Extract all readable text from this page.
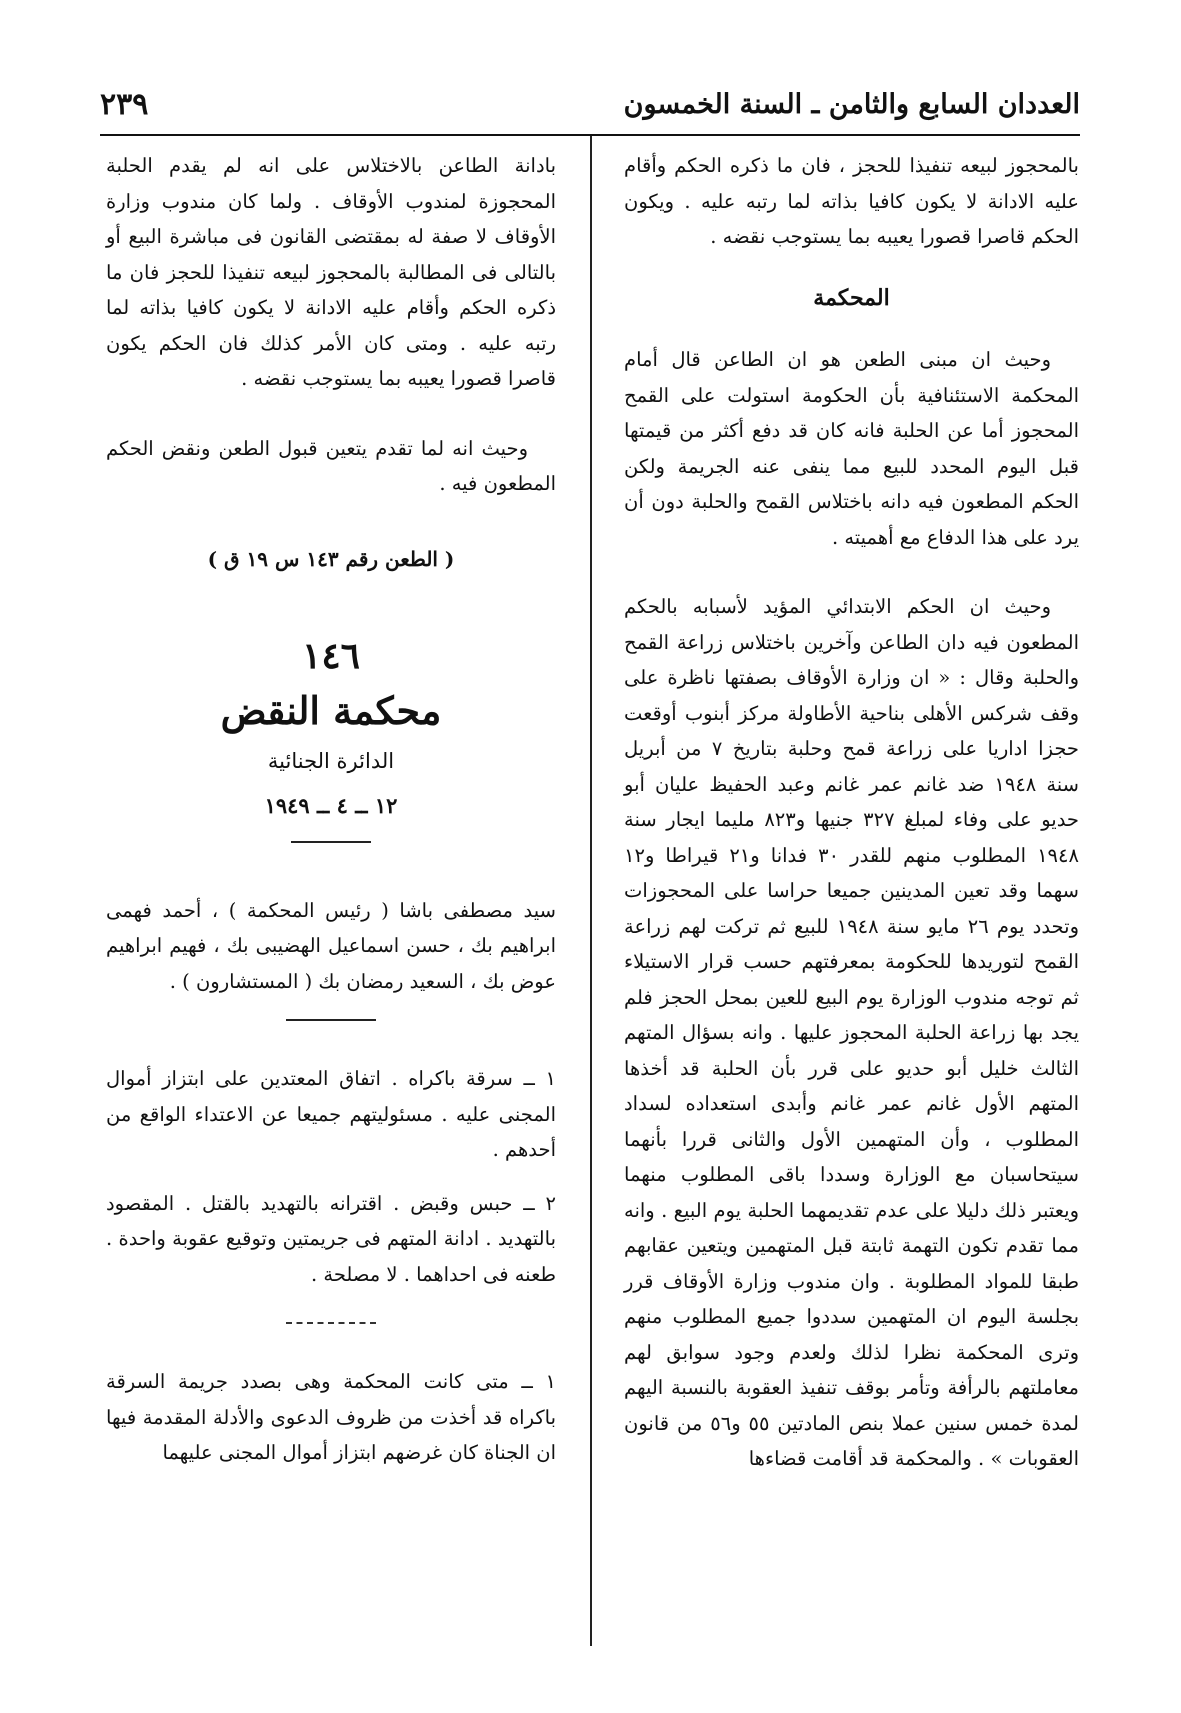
العددان السابع والثامن ـ السنة الخمسون
٢٣٩

بالمحجوز لبيعه تنفيذا للحجز ، فان ما ذكره الحكم وأقام عليه الادانة لا يكون كافيا بذاته لما رتبه عليه . ويكون الحكم قاصرا قصورا يعيبه بما يستوجب نقضه .

المحكمة

وحيث ان مبنى الطعن هو ان الطاعن قال أمام المحكمة الاستئنافية بأن الحكومة استولت على القمح المحجوز أما عن الحلبة فانه كان قد دفع أكثر من قيمتها قبل اليوم المحدد للبيع مما ينفى عنه الجريمة ولكن الحكم المطعون فيه دانه باختلاس القمح والحلبة دون أن يرد على هذا الدفاع مع أهميته .

وحيث ان الحكم الابتدائي المؤيد لأسبابه بالحكم المطعون فيه دان الطاعن وآخرين باختلاس زراعة القمح والحلبة وقال : « ان وزارة الأوقاف بصفتها ناظرة على وقف شركس الأهلى بناحية الأطاولة مركز أبنوب أوقعت حجزا اداريا على زراعة قمح وحلبة بتاريخ ٧ من أبريل سنة ١٩٤٨ ضد غانم عمر غانم وعبد الحفيظ عليان أبو حديو على وفاء لمبلغ ٣٢٧ جنيها و٨٢٣ مليما ايجار سنة ١٩٤٨ المطلوب منهم للقدر ٣٠ فدانا و٢١ قيراطا و١٢ سهما وقد تعين المدينين جميعا حراسا على المحجوزات وتحدد يوم ٢٦ مايو سنة ١٩٤٨ للبيع ثم تركت لهم زراعة القمح لتوريدها للحكومة بمعرفتهم حسب قرار الاستيلاء ثم توجه مندوب الوزارة يوم البيع للعين بمحل الحجز فلم يجد بها زراعة الحلبة المحجوز عليها . وانه بسؤال المتهم الثالث خليل أبو حديو على قرر بأن الحلبة قد أخذها المتهم الأول غانم عمر غانم وأبدى استعداده لسداد المطلوب ، وأن المتهمين الأول والثانى قررا بأنهما سيتحاسبان مع الوزارة وسددا باقى المطلوب منهما ويعتبر ذلك دليلا على عدم تقديمهما الحلبة يوم البيع . وانه مما تقدم تكون التهمة ثابتة قبل المتهمين ويتعين عقابهم طبقا للمواد المطلوبة . وان مندوب وزارة الأوقاف قرر بجلسة اليوم ان المتهمين سددوا جميع المطلوب منهم وترى المحكمة نظرا لذلك ولعدم وجود سوابق لهم معاملتهم بالرأفة وتأمر بوقف تنفيذ العقوبة بالنسبة اليهم لمدة خمس سنين عملا بنص المادتين ٥٥ و٥٦ من قانون العقوبات » . والمحكمة قد أقامت قضاءها

بادانة الطاعن بالاختلاس على انه لم يقدم الحلبة المحجوزة لمندوب الأوقاف . ولما كان مندوب وزارة الأوقاف لا صفة له بمقتضى القانون فى مباشرة البيع أو بالتالى فى المطالبة بالمحجوز لبيعه تنفيذا للحجز فان ما ذكره الحكم وأقام عليه الادانة لا يكون كافيا بذاته لما رتبه عليه . ومتى كان الأمر كذلك فان الحكم يكون قاصرا قصورا يعيبه بما يستوجب نقضه .

وحيث انه لما تقدم يتعين قبول الطعن ونقض الحكم المطعون فيه .

( الطعن رقم ١٤٣ س ١٩ ق )
١٤٦
محكمة النقض
الدائرة الجنائية
١٢ ــ ٤ ــ ١٩٤٩

سيد مصطفى باشا ( رئيس المحكمة ) ، أحمد فهمى ابراهيم بك ، حسن اسماعيل الهضيبى بك ، فهيم ابراهيم عوض بك ، السعيد رمضان بك ( المستشارون ) .

١ ــ سرقة باكراه . اتفاق المعتدين على ابتزاز أموال المجنى عليه . مسئوليتهم جميعا عن الاعتداء الواقع من أحدهم .

٢ ــ حبس وقبض . اقترانه بالتهديد بالقتل . المقصود بالتهديد . ادانة المتهم فى جريمتين وتوقيع عقوبة واحدة . طعنه فى احداهما . لا مصلحة .

١ ــ متى كانت المحكمة وهى بصدد جريمة السرقة باكراه قد أخذت من ظروف الدعوى والأدلة المقدمة فيها ان الجناة كان غرضهم ابتزاز أموال المجنى عليهما
